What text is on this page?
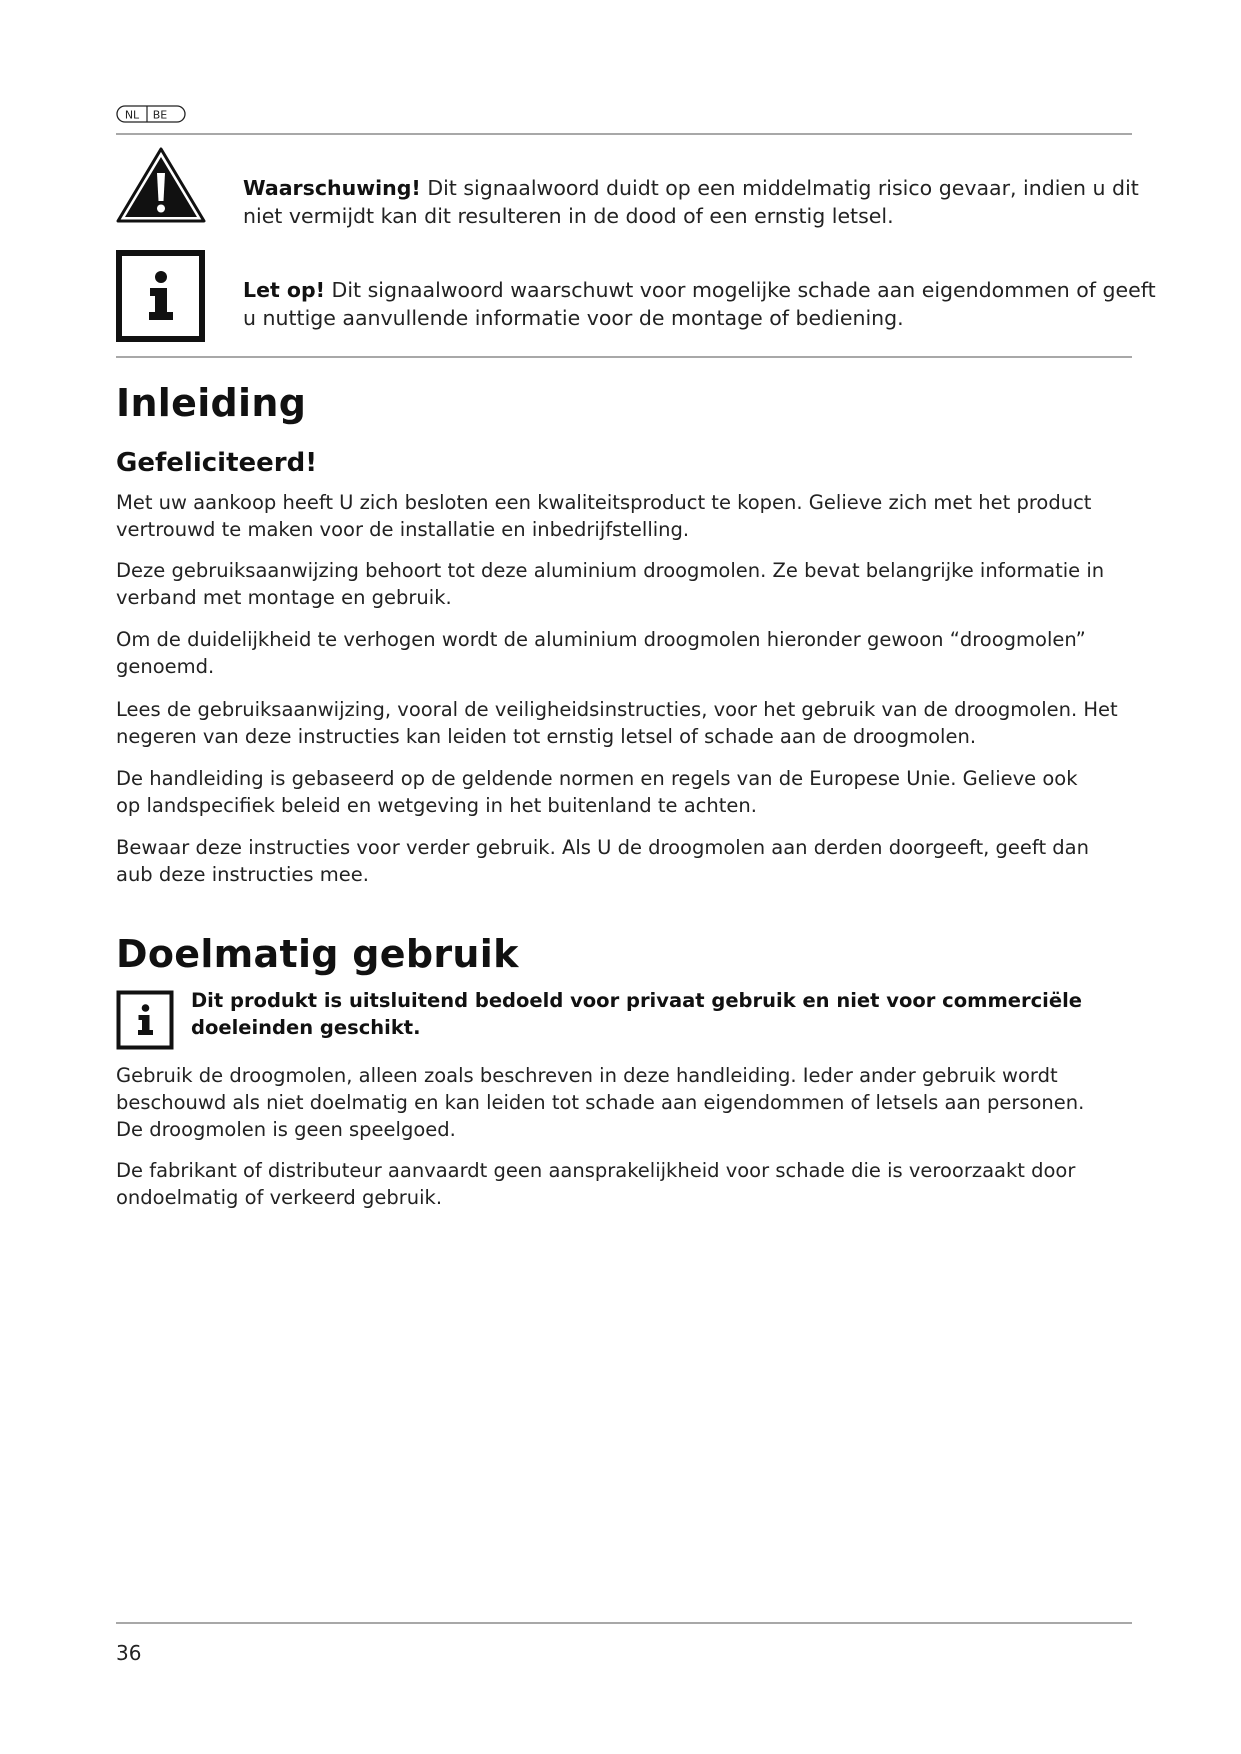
NL BE
Waarschuwing! Dit signaalwoord duidt op een middelmatig risico gevaar, indien u dit
niet vermijdt kan dit resulteren in de dood of een ernstig letsel.
Let op! Dit signaalwoord waarschuwt voor mogelijke schade aan eigendommen of geeft
u nuttige aanvullende informatie voor de montage of bediening.
Inleiding
Gefeliciteerd!
Met uw aankoop heeft U zich besloten een kwaliteitsproduct te kopen. Gelieve zich met het product
vertrouwd te maken voor de installatie en inbedrijfstelling.
Deze gebruiksaanwijzing behoort tot deze aluminium droogmolen. Ze bevat belangrijke informatie in
verband met montage en gebruik.
Om de duidelijkheid te verhogen wordt de aluminium droogmolen hieronder gewoon “droogmolen”
genoemd.
Lees de gebruiksaanwijzing, vooral de veiligheidsinstructies, voor het gebruik van de droogmolen. Het
negeren van deze instructies kan leiden tot ernstig letsel of schade aan de droogmolen.
De handleiding is gebaseerd op de geldende normen en regels van de Europese Unie. Gelieve ook
op landspecifiek beleid en wetgeving in het buitenland te achten.
Bewaar deze instructies voor verder gebruik. Als U de droogmolen aan derden doorgeeft, geeft dan
aub deze instructies mee.
Doelmatig gebruik
Dit produkt is uitsluitend bedoeld voor privaat gebruik en niet voor commerciële
doeleinden geschikt.
Gebruik de droogmolen, alleen zoals beschreven in deze handleiding. Ieder ander gebruik wordt
beschouwd als niet doelmatig en kan leiden tot schade aan eigendommen of letsels aan personen.
De droogmolen is geen speelgoed.
De fabrikant of distributeur aanvaardt geen aansprakelijkheid voor schade die is veroorzaakt door
ondoelmatig of verkeerd gebruik.
36
